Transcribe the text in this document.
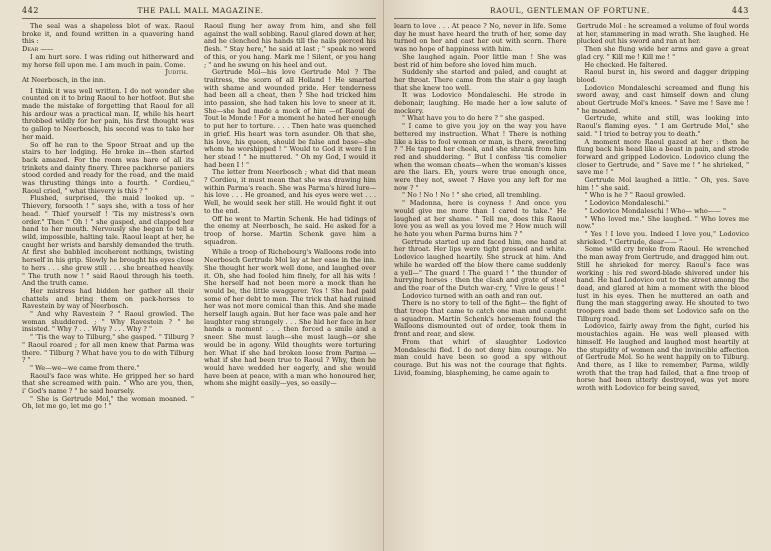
442	THE PALL MALL MAGAZINE.

The seal was a shapeless blot of wax. Raoul broke it, and found written in a quavering hand this :

Dear ——

I am hurt sore. I was riding out hitherward and my horse fell upon me. I am much in pain. Come.

Judith.

At Neerbosch, in the inn.

I think it was well written. I do not wonder she counted on it to bring Raoul to her hotfoot. But she made the mistake of forgetting that Raoul for all his ardour was a practical man. If, while his heart throbbed wildly for her pain, his first thought was to gallop to Neerbosch, his second was to take her her maid.

So off he ran to the Spoor Straat and up the stairs to her lodging. He broke in—then started back amazed. For the room was bare of all its trinkets and dainty finery. Three packhorse paniers stood corded and ready for the road, and the maid was thrusting things into a fourth. " Cordieu," Raoul cried, " what thievery is this ? "

Flushed, surprised, the maid looked up. " Thievery, forsooth ! " says she, with a toss of her head. " Thief yourself ! 'Tis my mistress's own order." Then " Oh ! " she gasped, and clapped her hand to her mouth. Nervously she began to tell a wild, impossible, halting tale. Raoul leapt at her, he caught her wrists and harshly demanded the truth. At first she babbled incoherent nothings, twisting herself in his grip. Slowly he brought his eyes close to hers . . . she grew still . . . she breathed heavily. " The truth now ! " said Raoul through his teeth. And the truth came.

Her mistress had bidden her gather all their chattels and bring them on pack-horses to Ravestein by way of Neerbosch.

" And why Ravestein ? " Raoul growled. The woman shuddered. ; " Why Ravestein ? " he insisted. " Why ? . . . Why ? . . . Why ? "

" 'Tis the way to Tilburg," she gasped. " Tilburg ? " Raoul roared ; for all men knew that Parma was there. " Tilburg ? What have you to do with Tilburg ? "

" We—we—we came from there."

Raoul's face was white. He gripped her so hard that she screamed with pain. " Who are you, then, i' God's name ? " he said hoarsely.

" She is Gertrude Mol," the woman moaned. " Oh, let me go, let me go ! "

Raoul flung her away from him, and she fell against the wall sobbing. Raoul glared down at her, and he clenched his hands till the nails pierced his flesh. " Stay here," he said at last ; " speak no word of this, or you hang. Mark me ! Silent, or you hang ; " and he swung on his heel and out.

Gertrude Mol—his love Gertrude Mol ? The traitress, the scorn of all Holland ! He smarted with shame and wounded pride. Her tenderness had been all a cheat, then ? She had tricked him into passion, she had taken his love to sneer at it. She—she had made a mock of him —of Raoul de Tout le Monde ! For a moment he hated her enough to put her to torture. . . . Then hate was quenched in grief. His heart was torn asunder. Oh that she, his love, his queen, should be false and base—she whom he worshipped ! " Would to God it were I in her stead ! " he muttered. " Oh my God, I would it had been I ! "

The letter from Neerbosch ; what did that mean ? Cordieu, it must mean that she was drawing him within Parma's reach. She was Parma's hired lure—his love . . . He groaned, and his eyes were wet . . . Well, he would seek her still. He would fight it out to the end.

Off he went to Martin Schenk. He had tidings of the enemy at Neerbosch, he said. He asked for a troop of horse. Martin Schenk gave him a squadron.

While a troop of Richebourg's Walloons rode into Neerbosch Gertrude Mol lay at her ease in the inn. She thought her work well done, and laughed over it. Oh, she had fooled him finely, for all his wits ! She herself had not been more a mock than he would be, the little swaggerer. Yes ! She had paid some of her debt to men. The trick that had ruined her was not more comical than this. And she made herself laugh again. But her face was pale and her laughter rang strangely . . . She hid her face in her hands a moment . . . then forced a smile and a sneer. She must laugh—she must laugh—or she would be in agony. Wild thoughts were torturing her. What if she had broken loose from Parma —what if she had been true to Raoul ? Why, then he would have wedded her eagerly, and she would have been at peace, with a man who honoured her, whom she might easily—yes, so easily—

RAOUL, GENTLEMAN OF FORTUNE.	443

learn to love . . . At peace ? No, never in life. Some day he must have heard the truth of her, some day turned on her and cast her out with scorn. There was no hope of happiness with him.

She laughed again. Poor little man ! She was best rid of him before she loved him much.

Suddenly she started and paled, and caught at her throat. There came from the stair a gay laugh that she knew too well.

It was Lodovico Mondaleschi. He strode in debonair, laughing. He made her a low salute of mockery.

" What have you to do here ? " she gasped.

" I came to give you joy on the way you have bettered my instruction. What ! There is nothing like a kiss to fool woman or man, is there, sweeting ? " He tapped her cheek, and she shrank from him red and shuddering. " But I confess 'tis comelier when the woman cheats—when the woman's kisses are the liars. Eh, yours were true enough once, were they not, sweet ? Have you any left for me now ? "

" No ! No ! No ! " she cried, all trembling.

" Madonna, here is coyness ! And once you would give me more than I cared to take." He laughed at her shame. " Tell me, does this Raoul love you as well as you loved me ? How much will he hate you when Parma burns him ? "

Gertrude started up and faced him, one hand at her throat. Her lips were tight pressed and white. Lodovico laughed heartily. She struck at him. And while he warded off the blow there came suddenly a yell—" The guard ! The guard ! " the thunder of hurrying horses : then the clash and grate of steel and the roar of the Dutch war-cry, " Vive le geus ! "

Lodovico turned with an oath and ran out.

There is no story to tell of the fight— the fight of that troop that came to catch one man and caught a squadron. Martin Schenk's horsemen found the Walloons dismounted out of order, took them in front and rear, and slew.

From that whirl of slaughter Lodovico Mondaleschi fled. I do not deny him courage. No man could have been so good a spy without courage. But his was not the courage that fights. Livid, foaming, blaspheming, he came again to

Gertrude Mol : he screamed a volume of foul words at her, stammering in mad wrath. She laughed. He plucked out his sword and ran at her.

Then she flung wide her arms and gave a great glad cry. " Kill me ! Kill me ! "

He checked. He faltered.

Raoul burst in, his sword and dagger dripping blood.

Lodovico Mondaleschi screamed and flung his sword away, and cast himself down and clung about Gertrude Mol's knees. " Save me ! Save me ! " he moaned.

Gertrude, white and still, was looking into Raoul's flaming eyes. " I am Gertrude Mol," she said. " I tried to betray you to death."

A moment more Raoul gazed at her : then he flung back his head like a beast in pain, and strode forward and gripped Lodovico. Lodovico clung the closer to Gertrude, and " Save me ! " he shrieked, " save me ! "

Gertrude Mol laughed a little. " Oh, yes. Save him ! " she said.

" Who is he ? " Raoul growled.

" Lodovico Mondaleschi."

" Lodovico Mondaleschi ! Who— who—— "

" Who loved me." She laughed. " Who loves me now."

" Yes ! I love you. Indeed I love you," Lodovico shrieked. " Gertrude, dear—— "

Some wild cry broke from Raoul. He wrenched the man away from Gertrude, and dragged him out. Still he shrieked for mercy. Raoul's face was working : his red sword-blade shivered under his hand. He had Lodovico out to the street among the dead, and glared at him a moment with the blood lust in his eyes. Then he muttered an oath and flung the man staggering away. He shouted to two troopers and bade them set Lodovico safe on the Tilburg road.

Lodovico, fairly away from the fight, curled his moustachios again. He was well pleased with himself. He laughed and laughed most heartily at the stupidity of women and the invincible affection of Gertrude Mol. So he went happily on to Tilburg. And there, as I like to remember, Parma, wildly wroth that the trap had failed, that a fine troop of horse had been utterly destroyed, was yet more wroth with Lodovico for being saved,
